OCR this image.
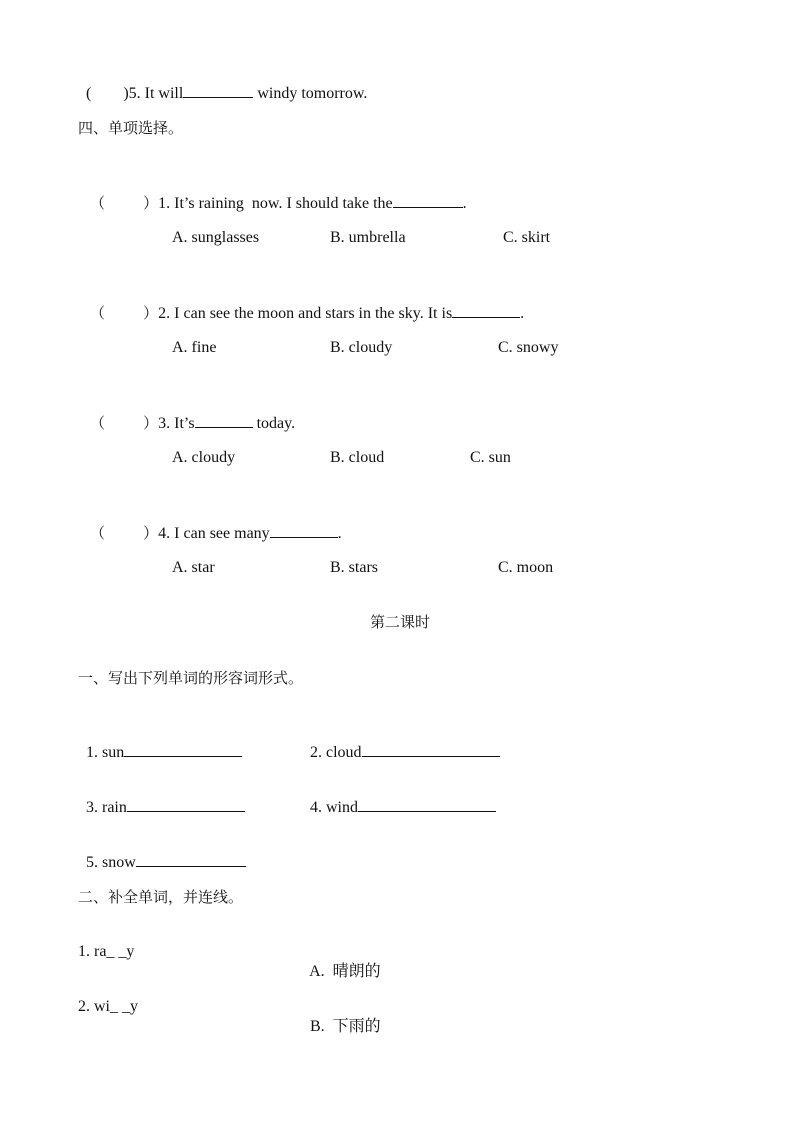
(        )5. It will	windy tomorrow.

四、单项选择。

（        ）1. It’s raining  now. I should take the	.

A. sunglasses	B. umbrella	C. skirt

（        ）2. I can see the moon and stars in the sky. It is	.

A. fine	B. cloudy	C. snowy

（        ）3. It’s	today.

A. cloudy	B. cloud	C. sun

（        ）4. I can see many	.

A. star	B. stars	C. moon
第二课时
一、写出下列单词的形容词形式。

1. sun	2. cloud

3. rain	4. wind

5. snow

二、补全单词，并连线。
1. ra_ _y

A.  晴朗的

2. wi_ _y

B.  下雨的
